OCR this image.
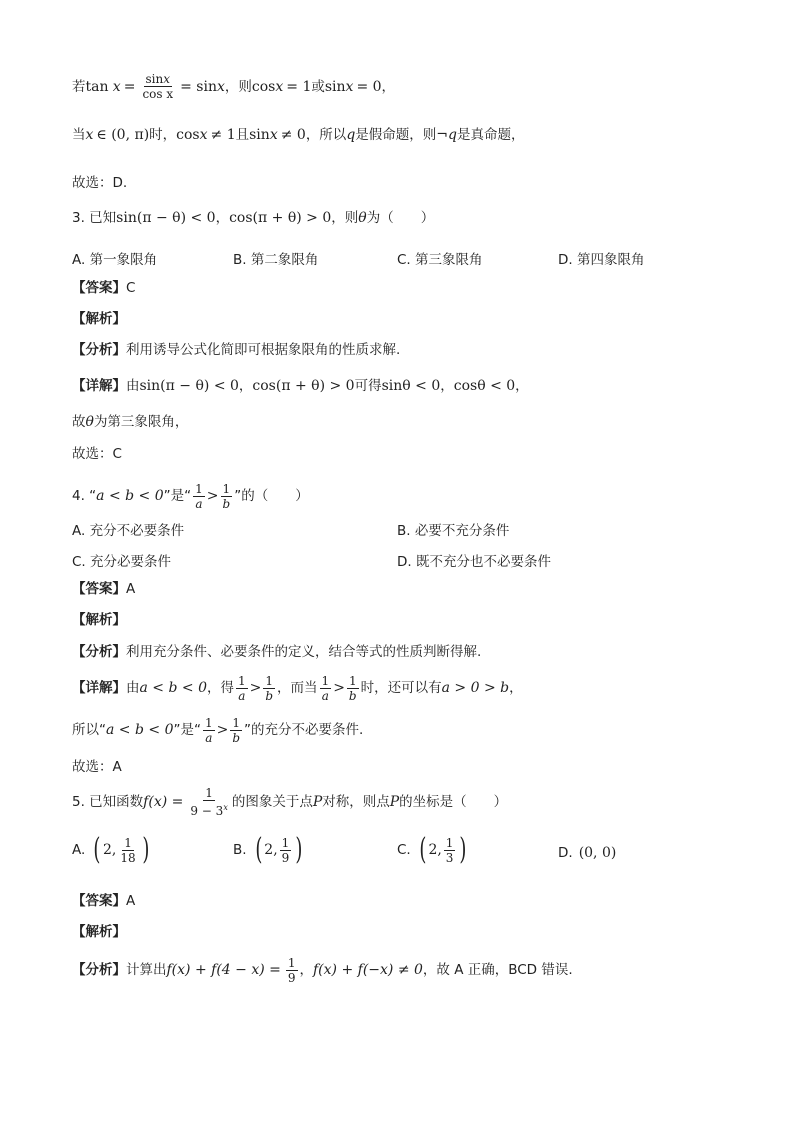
若 tan
$x = \frac{\sin x}{\text{cos x}} = \sin x$ ，则 cos x = 1 或 sin x = 0 ，
当 x ∈ (0, π) 时， cos x ≠ 1 且 sin x ≠ 0 ，所以 q 是假命题，则 ¬q 是真命题，
故选：D.
3. 已知 sin(π − θ) < 0 ， cos(π + θ) > 0 ，则 θ 为（　　）
A. 第一象限角	B. 第二象限角	C. 第三象限角	D. 第四象限角
【答案】 C
【解析】
【分析】 利用诱导公式化简即可根据象限角的性质求解.
【详解】 由 sin(π − θ) < 0 ， cos(π + θ) > 0 可得 sinθ < 0 ， cosθ < 0 ，
故 θ 为第三象限角，
故选：C
4. “ a < b < 0 ”是“ $\frac{1}{a} > \frac{1}{b}$ ”的（　　）
A. 充分不必要条件	B. 必要不充分条件
C. 充分必要条件	D. 既不充分也不必要条件
【答案】 A
【解析】
【分析】 利用充分条件、必要条件的定义，结合等式的性质判断得解.
【详解】 由 a < b < 0 ，得 $\frac{1}{a} > \frac{1}{b}$ ，而当 $\frac{1}{a} > \frac{1}{b}$ 时，还可以有 a > 0 > b ，
所以“ a < b < 0 ”是“ $\frac{1}{a} > \frac{1}{b}$ ”的充分不必要条件.
故选：A
5. 已知函数 $f(x) = \frac{1}{9 - 3^x}$ 的图象关于点 P 对称，则点 P 的坐标是（　　）
A. ( 2, $\frac{1}{18}$ )	B. ( 2, $\frac{1}{9}$ )	C. ( 2, $\frac{1}{3}$ )	D. (0, 0)
【答案】 A
【解析】
【分析】 计算出 $f(x) + f(4 - x) = \frac{1}{9}$ ， f(x) + f(−x) ≠ 0 ，故 A 正确，BCD 错误.
